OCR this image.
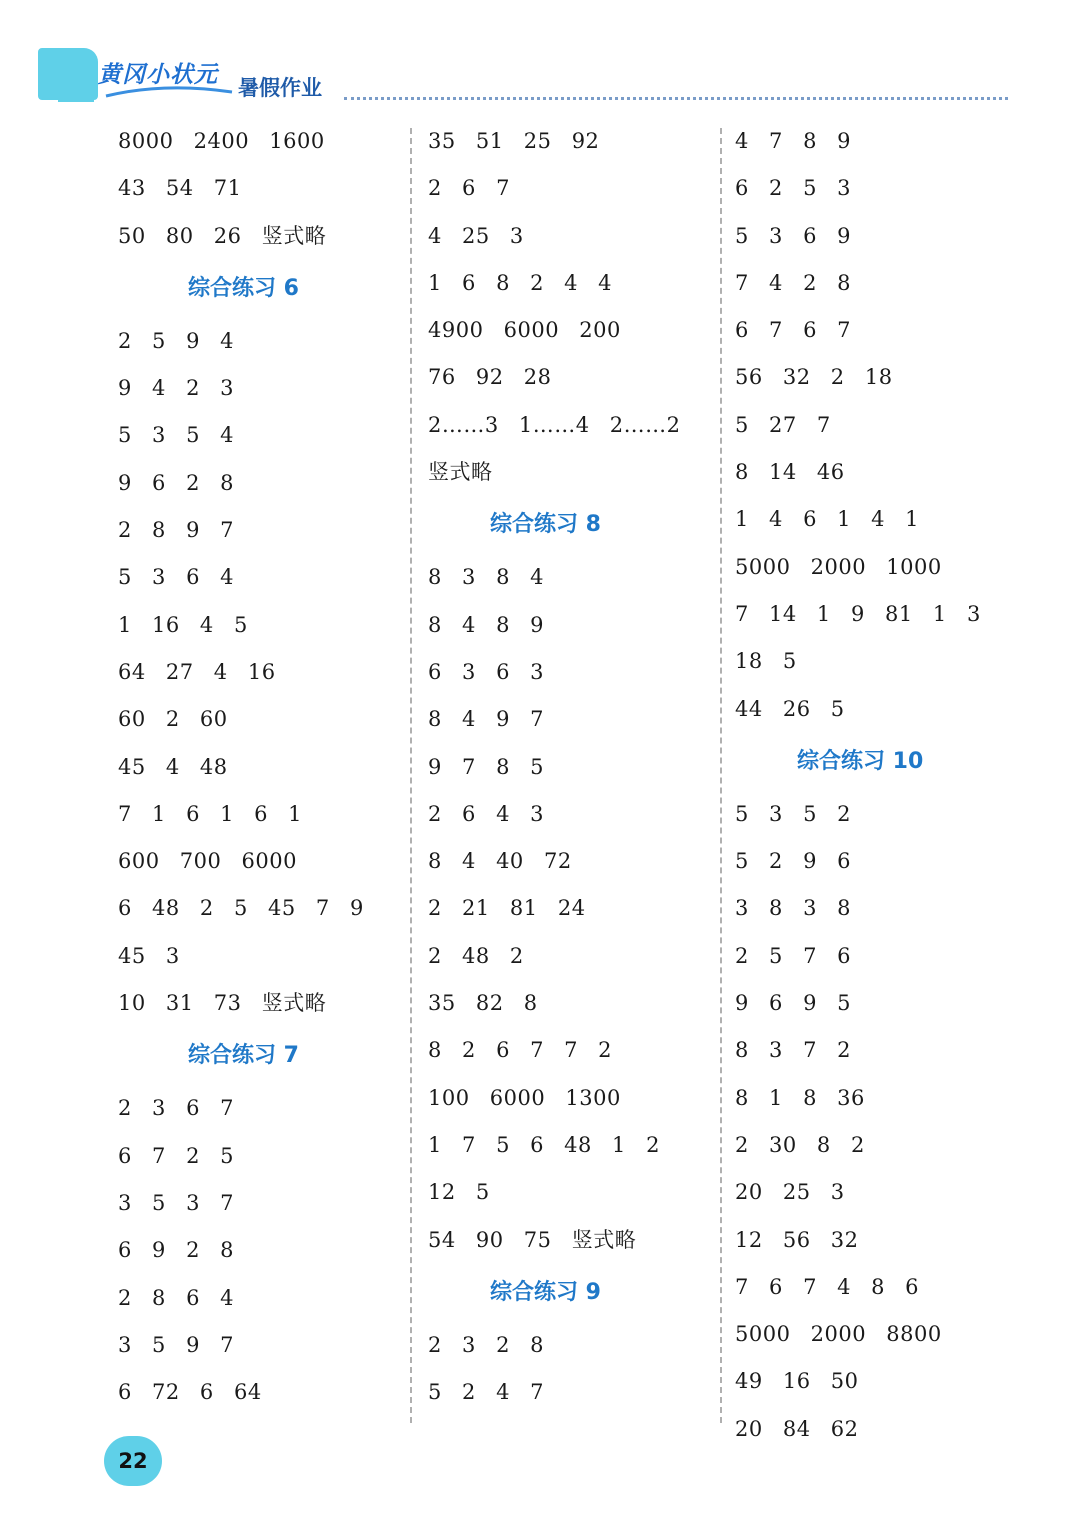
黄冈小状元 暑假作业
8000 2400 1600
43 54 71
50 80 26 竖式略
综合练习 6
2 5 9 4
9 4 2 3
5 3 5 4
9 6 2 8
2 8 9 7
5 3 6 4
1 16 4 5
64 27 4 16
60 2 60
45 4 48
7 1 6 1 6 1
600 700 6000
6 48 2 5 45 7 9
45 3
10 31 73 竖式略
综合练习 7
2 3 6 7
6 7 2 5
3 5 3 7
6 9 2 8
2 8 6 4
3 5 9 7
6 72 6 64
35 51 25 92
2 6 7
4 25 3
1 6 8 2 4 4
4900 6000 200
76 92 28
2……3 1……4 2……2
竖式略
综合练习 8
8 3 8 4
8 4 8 9
6 3 6 3
8 4 9 7
9 7 8 5
2 6 4 3
8 4 40 72
2 21 81 24
2 48 2
35 82 8
8 2 6 7 7 2
100 6000 1300
1 7 5 6 48 1 2
12 5
54 90 75 竖式略
综合练习 9
2 3 2 8
5 2 4 7
4 7 8 9
6 2 5 3
5 3 6 9
7 4 2 8
6 7 6 7
56 32 2 18
5 27 7
8 14 46
1 4 6 1 4 1
5000 2000 1000
7 14 1 9 81 1 3
18 5
44 26 5
综合练习 10
5 3 5 2
5 2 9 6
3 8 3 8
2 5 7 6
9 6 9 5
8 3 7 2
8 1 8 36
2 30 8 2
20 25 3
12 56 32
7 6 7 4 8 6
5000 2000 8800
49 16 50
20 84 62
22
